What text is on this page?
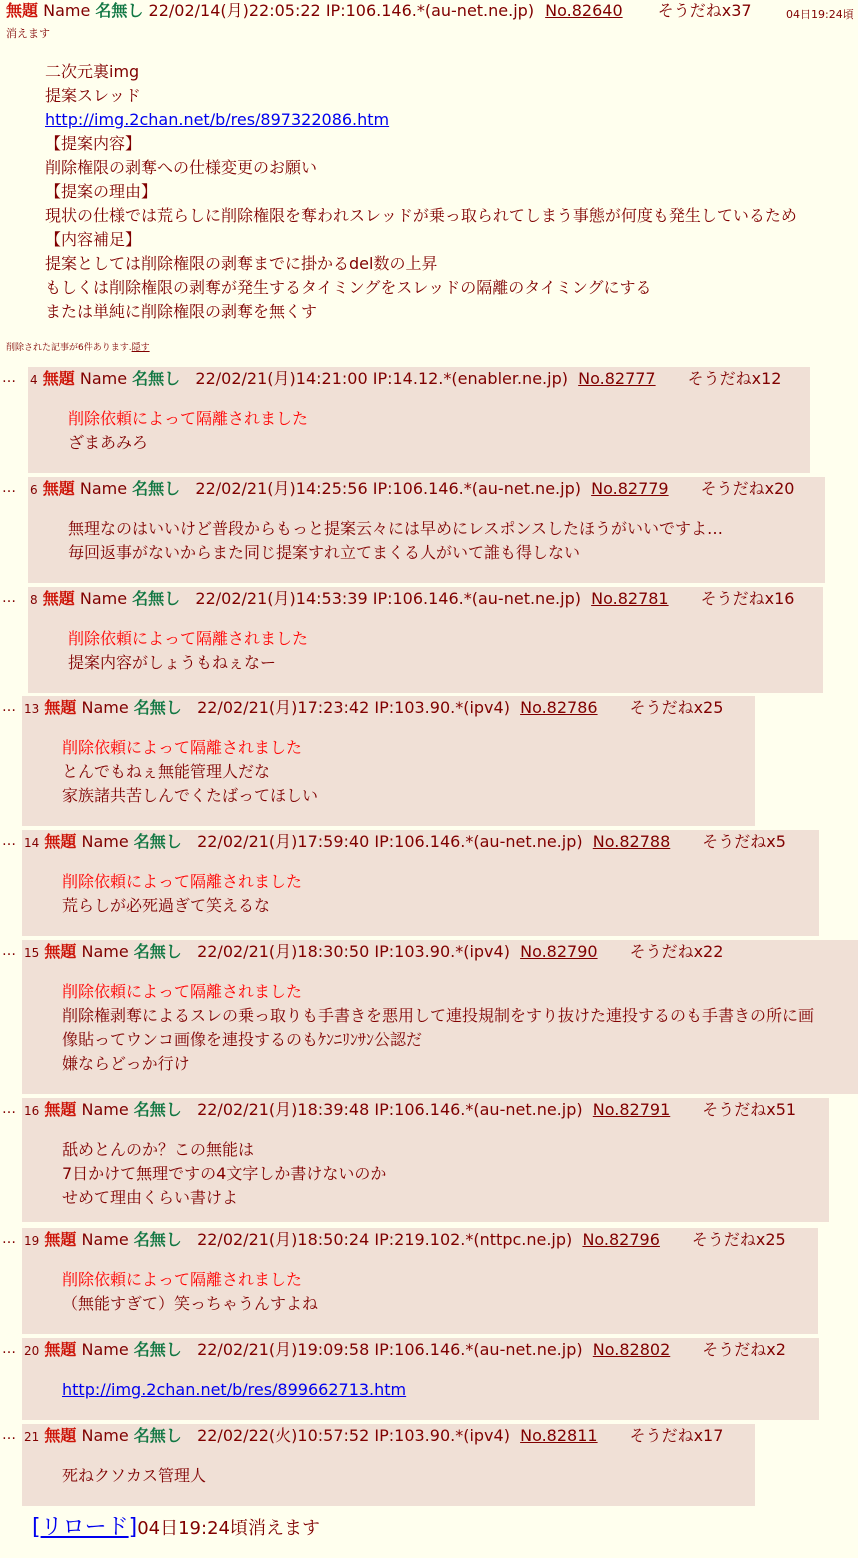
無題 Name 名無し 22/02/14(月)22:05:22 IP:106.146.*(au-net.ne.jp) No.82640 そうだねx37	04日19:24頃
消えます
二次元裏img
提案スレッド
http://img.2chan.net/b/res/897322086.htm
【提案内容】
削除権限の剥奪への仕様変更のお願い
【提案の理由】
現状の仕様では荒らしに削除権限を奪われスレッドが乗っ取られてしまう事態が何度も発生しているため
【内容補足】
提案としては削除権限の剥奪までに掛かるdel数の上昇
もしくは削除権限の剥奪が発生するタイミングをスレッドの隔離のタイミングにする
または単純に削除権限の剥奪を無くす
削除された記事が6件あります.隠す
…	4 無題 Name 名無し 22/02/21(月)14:21:00 IP:14.12.*(enabler.ne.jp) No.82777 そうだねx12
削除依頼によって隔離されました
ざまあみろ
…	6 無題 Name 名無し 22/02/21(月)14:25:56 IP:106.146.*(au-net.ne.jp) No.82779 そうだねx20
無理なのはいいけど普段からもっと提案云々には早めにレスポンスしたほうがいいですよ…
毎回返事がないからまた同じ提案すれ立てまくる人がいて誰も得しない
…	8 無題 Name 名無し 22/02/21(月)14:53:39 IP:106.146.*(au-net.ne.jp) No.82781 そうだねx16
削除依頼によって隔離されました
提案内容がしょうもねぇなー
… 13 無題 Name 名無し 22/02/21(月)17:23:42 IP:103.90.*(ipv4) No.82786 そうだねx25
削除依頼によって隔離されました
とんでもねぇ無能管理人だな
家族諸共苦しんでくたばってほしい
… 14 無題 Name 名無し 22/02/21(月)17:59:40 IP:106.146.*(au-net.ne.jp) No.82788 そうだねx5
削除依頼によって隔離されました
荒らしが必死過ぎて笑えるな
… 15 無題 Name 名無し 22/02/21(月)18:30:50 IP:103.90.*(ipv4) No.82790 そうだねx22
削除依頼によって隔離されました
削除権剥奪によるスレの乗っ取りも手書きを悪用して連投規制をすり抜けた連投するのも手書きの所に画
像貼ってウンコ画像を連投するのもｹﾝﾆﾘﾝｻﾝ公認だ
嫌ならどっか行け
… 16 無題 Name 名無し 22/02/21(月)18:39:48 IP:106.146.*(au-net.ne.jp) No.82791 そうだねx51
舐めとんのか？この無能は
7日かけて無理ですの4文字しか書けないのか
せめて理由くらい書けよ
… 19 無題 Name 名無し 22/02/21(月)18:50:24 IP:219.102.*(nttpc.ne.jp) No.82796 そうだねx25
削除依頼によって隔離されました
（無能すぎて）笑っちゃうんすよね
… 20 無題 Name 名無し 22/02/21(月)19:09:58 IP:106.146.*(au-net.ne.jp) No.82802 そうだねx2
http://img.2chan.net/b/res/899662713.htm
… 21 無題 Name 名無し 22/02/22(火)10:57:52 IP:103.90.*(ipv4) No.82811 そうだねx17
死ねクソカス管理人
[リロード]04日19:24頃消えます
